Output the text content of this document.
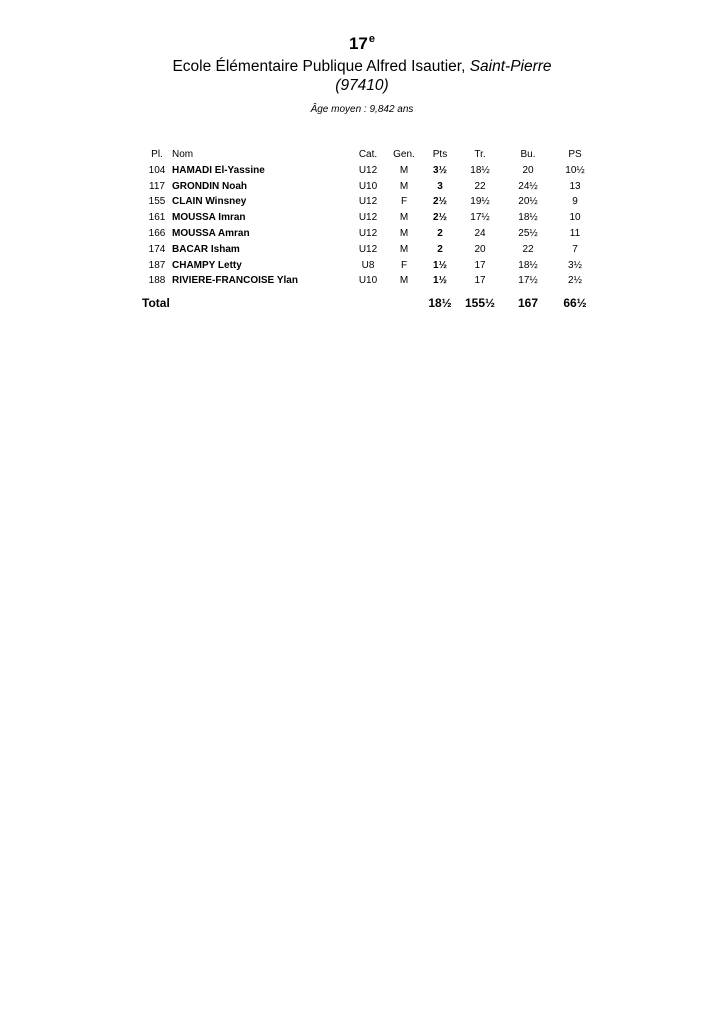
17e
Ecole Élémentaire Publique Alfred Isautier, Saint-Pierre
(97410)
Âge moyen : 9,842 ans
Pl.	Nom	Cat.	Gen.	Pts	Tr.	Bu.	PS
104	HAMADI El-Yassine	U12	M	3½	18½	20	10½
117	GRONDIN Noah	U10	M	3	22	24½	13
155	CLAIN Winsney	U12	F	2½	19½	20½	9
161	MOUSSA Imran	U12	M	2½	17½	18½	10
166	MOUSSA Amran	U12	M	2	24	25½	11
174	BACAR Isham	U12	M	2	20	22	7
187	CHAMPY Letty	U8	F	1½	17	18½	3½
188	RIVIERE-FRANCOISE Ylan	U10	M	1½	17	17½	2½
Total				18½	155½	167	66½
